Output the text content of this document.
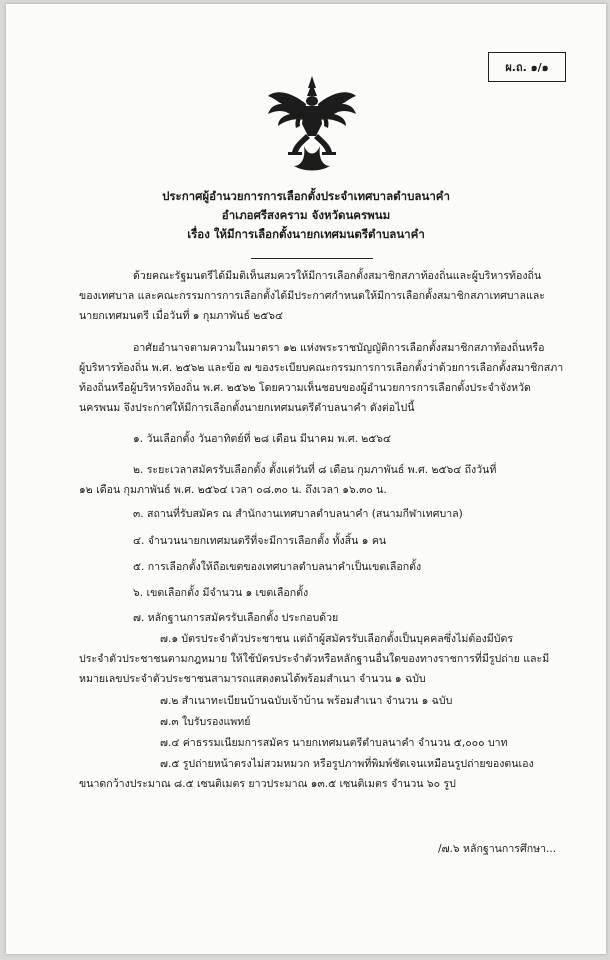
ผ.ถ. ๑/๑
ประกาศผู้อำนวยการการเลือกตั้งประจำเทศบาลตำบลนาคำ
อำเภอศรีสงคราม จังหวัดนครพนม
เรื่อง ให้มีการเลือกตั้งนายกเทศมนตรีตำบลนาคำ
ด้วยคณะรัฐมนตรีได้มีมติเห็นสมควรให้มีการเลือกตั้งสมาชิกสภาท้องถิ่นและผู้บริหารท้องถิ่น
ของเทศบาล และคณะกรรมการการเลือกตั้งได้มีประกาศกำหนดให้มีการเลือกตั้งสมาชิกสภาเทศบาลและ
นายกเทศมนตรี เมื่อวันที่ ๑ กุมภาพันธ์ ๒๕๖๔
อาศัยอำนาจตามความในมาตรา ๑๒ แห่งพระราชบัญญัติการเลือกตั้งสมาชิกสภาท้องถิ่นหรือ
ผู้บริหารท้องถิ่น พ.ศ. ๒๕๖๒ และข้อ ๗ ของระเบียบคณะกรรมการการเลือกตั้งว่าด้วยการเลือกตั้งสมาชิกสภา
ท้องถิ่นหรือผู้บริหารท้องถิ่น พ.ศ. ๒๕๖๒ โดยความเห็นชอบของผู้อำนวยการการเลือกตั้งประจำจังหวัด
นครพนม จึงประกาศให้มีการเลือกตั้งนายกเทศมนตรีตำบลนาคำ ดังต่อไปนี้
๑. วันเลือกตั้ง วันอาทิตย์ที่ ๒๘ เดือน มีนาคม พ.ศ. ๒๕๖๔
๒. ระยะเวลาสมัครรับเลือกตั้ง ตั้งแต่วันที่ ๘ เดือน กุมภาพันธ์ พ.ศ. ๒๕๖๔ ถึงวันที่
๑๒ เดือน กุมภาพันธ์ พ.ศ. ๒๕๖๔ เวลา ๐๘.๓๐ น. ถึงเวลา ๑๖.๓๐ น.
๓. สถานที่รับสมัคร ณ สำนักงานเทศบาลตำบลนาคำ (สนามกีฬาเทศบาล)
๔. จำนวนนายกเทศมนตรีที่จะมีการเลือกตั้ง ทั้งสิ้น ๑ คน
๕. การเลือกตั้งให้ถือเขตของเทศบาลตำบลนาคำเป็นเขตเลือกตั้ง
๖. เขตเลือกตั้ง มีจำนวน ๑ เขตเลือกตั้ง
๗. หลักฐานการสมัครรับเลือกตั้ง ประกอบด้วย
๗.๑ บัตรประจำตัวประชาชน แต่ถ้าผู้สมัครรับเลือกตั้งเป็นบุคคลซึ่งไม่ต้องมีบัตร
ประจำตัวประชาชนตามกฎหมาย ให้ใช้บัตรประจำตัวหรือหลักฐานอื่นใดของทางราชการที่มีรูปถ่าย และมี
หมายเลขประจำตัวประชาชนสามารถแสดงตนได้พร้อมสำเนา จำนวน ๑ ฉบับ
๗.๒ สำเนาทะเบียนบ้านฉบับเจ้าบ้าน พร้อมสำเนา จำนวน ๑ ฉบับ
๗.๓ ใบรับรองแพทย์
๗.๔ ค่าธรรมเนียมการสมัคร นายกเทศมนตรีตำบลนาคำ จำนวน ๕,๐๐๐ บาท
๗.๕ รูปถ่ายหน้าตรงไม่สวมหมวก หรือรูปภาพที่พิมพ์ชัดเจนเหมือนรูปถ่ายของตนเอง
ขนาดกว้างประมาณ ๘.๕ เซนติเมตร ยาวประมาณ ๑๓.๕ เซนติเมตร จำนวน ๖๐ รูป
/๗.๖ หลักฐานการศึกษา...
